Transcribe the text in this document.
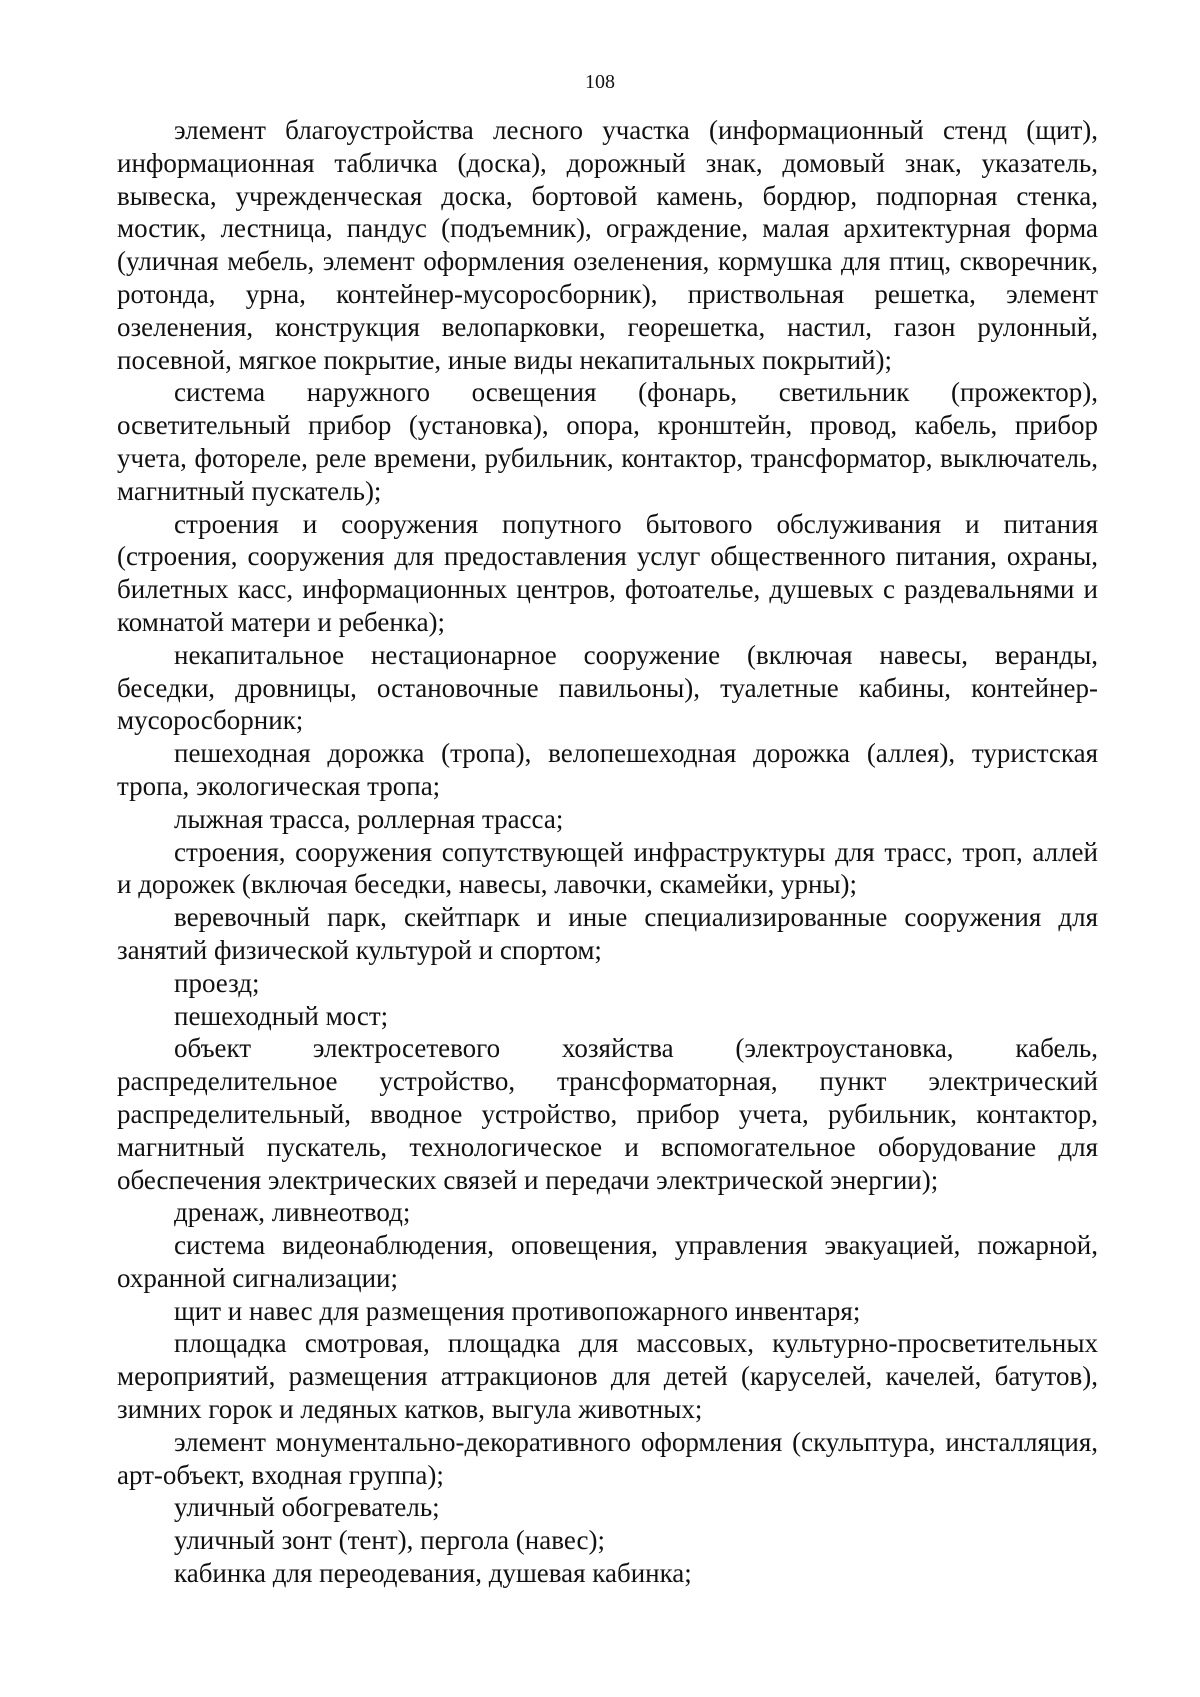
108

элемент благоустройства лесного участка (информационный стенд (щит), информационная табличка (доска), дорожный знак, домовый знак, указатель, вывеска, учрежденческая доска, бортовой камень, бордюр, подпорная стенка, мостик, лестница, пандус (подъемник), ограждение, малая архитектурная форма (уличная мебель, элемент оформления озеленения, кормушка для птиц, скворечник, ротонда, урна, контейнер-мусоросборник), приствольная решетка, элемент озеленения, конструкция велопарковки, георешетка, настил, газон рулонный, посевной, мягкое покрытие, иные виды некапитальных покрытий);

система наружного освещения (фонарь, светильник (прожектор), осветительный прибор (установка), опора, кронштейн, провод, кабель, прибор учета, фотореле, реле времени, рубильник, контактор, трансформатор, выключатель, магнитный пускатель);

строения и сооружения попутного бытового обслуживания и питания (строения, сооружения для предоставления услуг общественного питания, охраны, билетных касс, информационных центров, фотоателье, душевых с раздевальнями и комнатой матери и ребенка);

некапитальное нестационарное сооружение (включая навесы, веранды, беседки, дровницы, остановочные павильоны), туалетные кабины, контейнер-мусоросборник;

пешеходная дорожка (тропа), велопешеходная дорожка (аллея), туристская тропа, экологическая тропа;

лыжная трасса, роллерная трасса;

строения, сооружения сопутствующей инфраструктуры для трасс, троп, аллей и дорожек (включая беседки, навесы, лавочки, скамейки, урны);

веревочный парк, скейтпарк и иные специализированные сооружения для занятий физической культурой и спортом;

проезд;

пешеходный мост;

объект электросетевого хозяйства (электроустановка, кабель, распределительное устройство, трансформаторная, пункт электрический распределительный, вводное устройство, прибор учета, рубильник, контактор, магнитный пускатель, технологическое и вспомогательное оборудование для обеспечения электрических связей и передачи электрической энергии);

дренаж, ливнеотвод;

система видеонаблюдения, оповещения, управления эвакуацией, пожарной, охранной сигнализации;

щит и навес для размещения противопожарного инвентаря;

площадка смотровая, площадка для массовых, культурно-просветительных мероприятий, размещения аттракционов для детей (каруселей, качелей, батутов), зимних горок и ледяных катков, выгула животных;

элемент монументально-декоративного оформления (скульптура, инсталляция, арт-объект, входная группа);

уличный обогреватель;

уличный зонт (тент), пергола (навес);

кабинка для переодевания, душевая кабинка;
